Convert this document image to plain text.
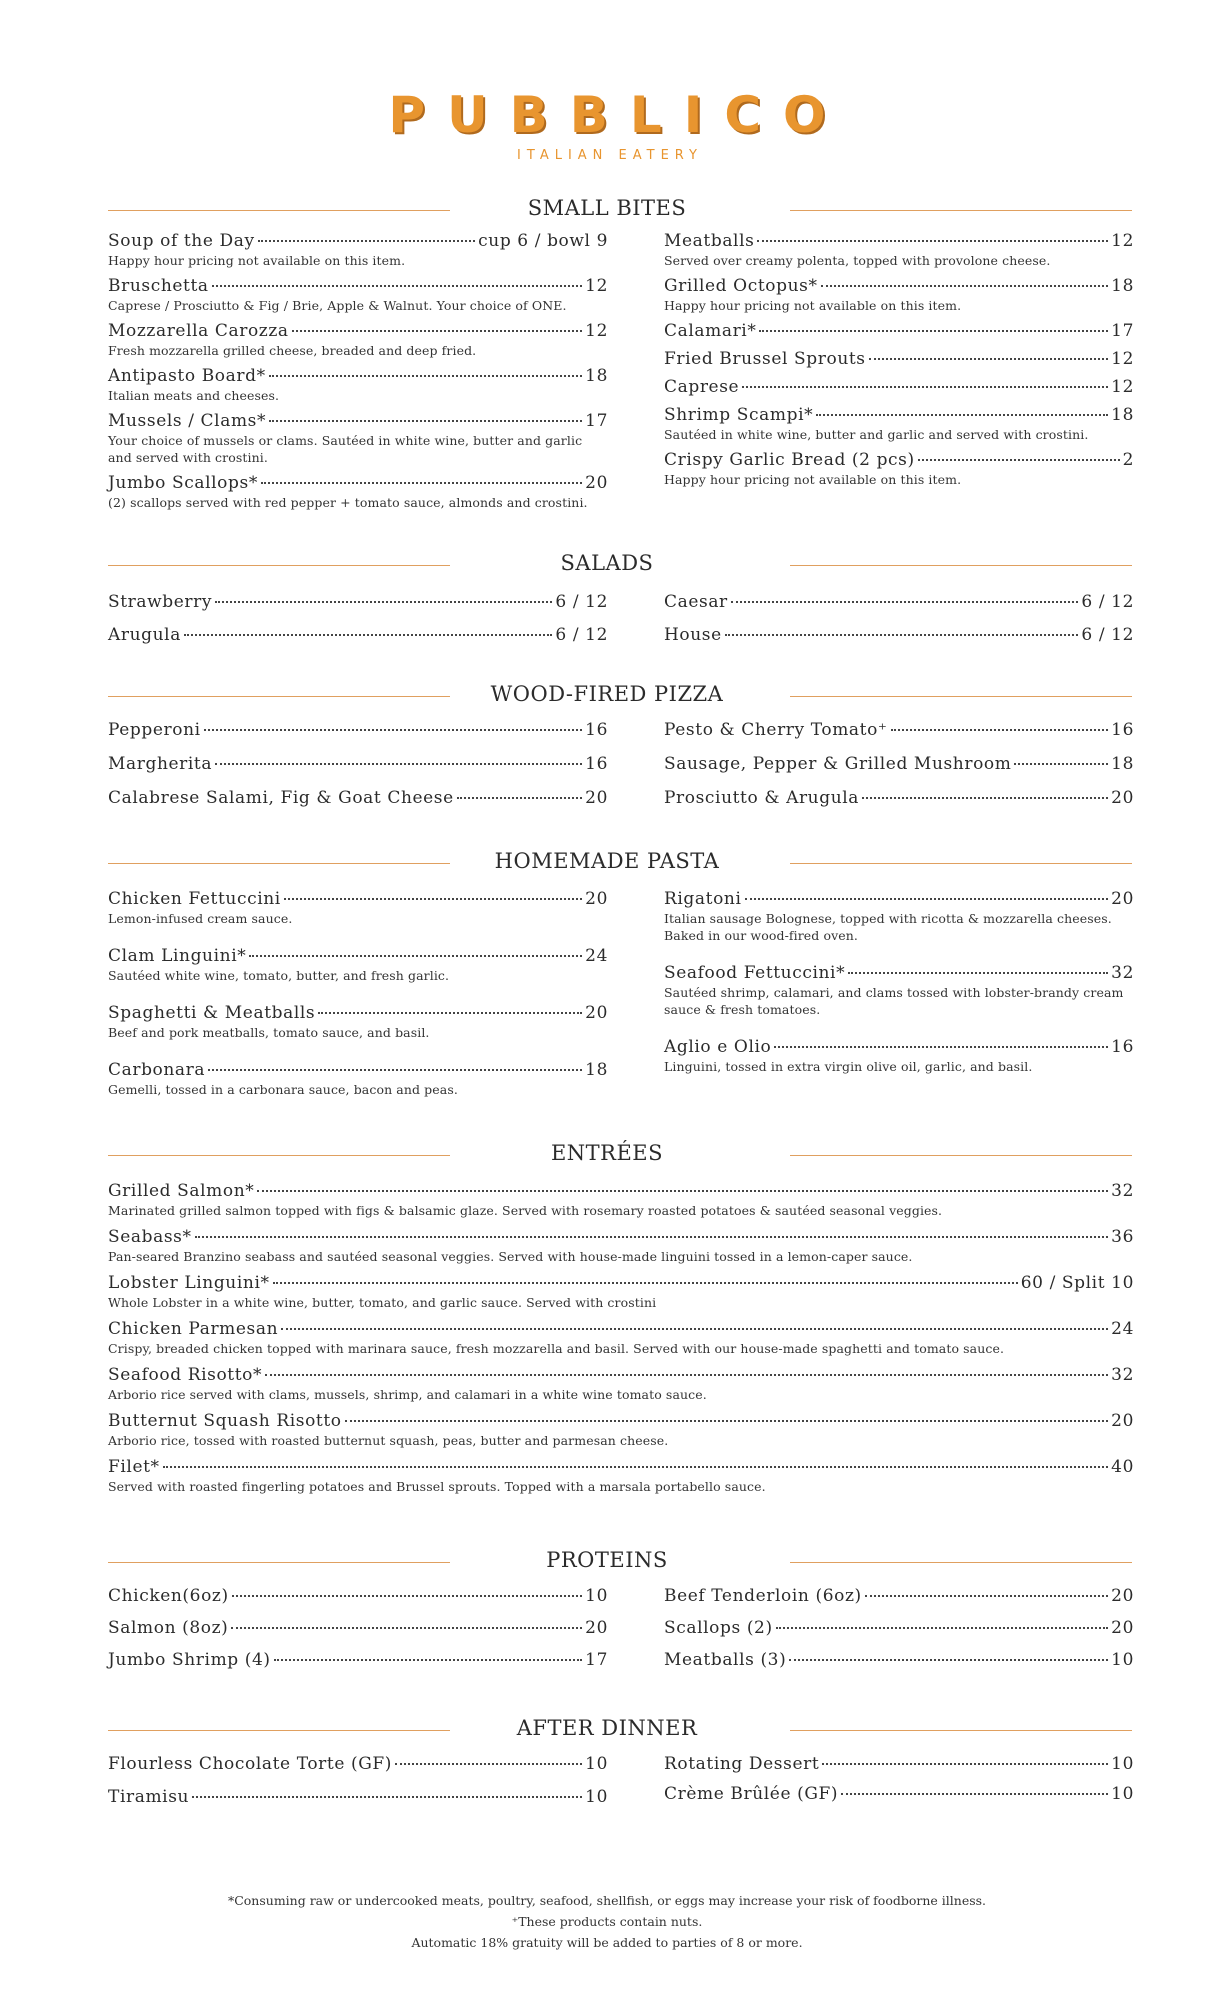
PUBBLICO
ITALIAN EATERY
SMALL BITES
Soup of the Day	cup 6 / bowl 9
Happy hour pricing not available on this item.
Bruschetta	12
Caprese / Prosciutto & Fig / Brie, Apple & Walnut. Your choice of ONE.
Mozzarella Carozza	12
Fresh mozzarella grilled cheese, breaded and deep fried.
Antipasto Board*	18
Italian meats and cheeses.
Mussels / Clams*	17
Your choice of mussels or clams. Sautéed in white wine, butter and garlic and served with crostini.
Jumbo Scallops*	20
(2) scallops served with red pepper + tomato sauce, almonds and crostini.
Meatballs	12
Served over creamy polenta, topped with provolone cheese.
Grilled Octopus*	18
Happy hour pricing not available on this item.
Calamari*	17
Fried Brussel Sprouts	12
Caprese	12
Shrimp Scampi*	18
Sautéed in white wine, butter and garlic and served with crostini.
Crispy Garlic Bread (2 pcs)	2
Happy hour pricing not available on this item.
SALADS
Strawberry	6 / 12
Arugula	6 / 12
Caesar	6 / 12
House	6 / 12
WOOD-FIRED PIZZA
Pepperoni	16
Margherita	16
Calabrese Salami, Fig & Goat Cheese	20
Pesto & Cherry Tomato⁺	16
Sausage, Pepper & Grilled Mushroom	18
Prosciutto & Arugula	20
HOMEMADE PASTA
Chicken Fettuccini	20
Lemon-infused cream sauce.
Clam Linguini*	24
Sautéed white wine, tomato, butter, and fresh garlic.
Spaghetti & Meatballs	20
Beef and pork meatballs, tomato sauce, and basil.
Carbonara	18
Gemelli, tossed in a carbonara sauce, bacon and peas.
Rigatoni	20
Italian sausage Bolognese, topped with ricotta & mozzarella cheeses. Baked in our wood-fired oven.
Seafood Fettuccini*	32
Sautéed shrimp, calamari, and clams tossed with lobster-brandy cream sauce & fresh tomatoes.
Aglio e Olio	16
Linguini, tossed in extra virgin olive oil, garlic, and basil.
ENTRÉES
Grilled Salmon*	32
Marinated grilled salmon topped with figs & balsamic glaze. Served with rosemary roasted potatoes & sautéed seasonal veggies.
Seabass*	36
Pan-seared Branzino seabass and sautéed seasonal veggies. Served with house-made linguini tossed in a lemon-caper sauce.
Lobster Linguini*	60 / Split 10
Whole Lobster in a white wine, butter, tomato, and garlic sauce. Served with crostini
Chicken Parmesan	24
Crispy, breaded chicken topped with marinara sauce, fresh mozzarella and basil. Served with our house-made spaghetti and tomato sauce.
Seafood Risotto*	32
Arborio rice served with clams, mussels, shrimp, and calamari in a white wine tomato sauce.
Butternut Squash Risotto	20
Arborio rice, tossed with roasted butternut squash, peas, butter and parmesan cheese.
Filet*	40
Served with roasted fingerling potatoes and Brussel sprouts. Topped with a marsala portabello sauce.
PROTEINS
Chicken(6oz)	10
Salmon (8oz)	20
Jumbo Shrimp (4)	17
Beef Tenderloin (6oz)	20
Scallops (2)	20
Meatballs (3)	10
AFTER DINNER
Flourless Chocolate Torte (GF)	10
Tiramisu	10
Rotating Dessert	10
Crème Brûlée (GF)	10
*Consuming raw or undercooked meats, poultry, seafood, shellfish, or eggs may increase your risk of foodborne illness.
⁺These products contain nuts.
Automatic 18% gratuity will be added to parties of 8 or more.
